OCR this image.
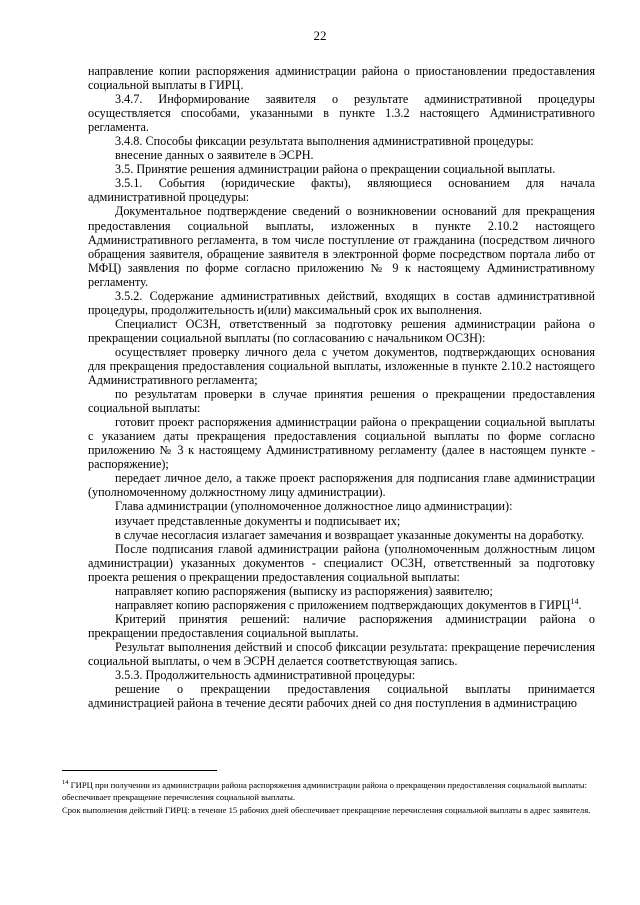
22

направление копии распоряжения администрации района о приостановлении предоставления социальной выплаты в ГИРЦ.

3.4.7. Информирование заявителя о результате административной процедуры осуществляется способами, указанными в пункте 1.3.2 настоящего Административного регламента.

3.4.8. Способы фиксации результата выполнения административной процедуры:

внесение данных о заявителе в ЭСРН.

3.5. Принятие решения администрации района о прекращении социальной выплаты.

3.5.1. События (юридические факты), являющиеся основанием для начала административной процедуры:

Документальное подтверждение сведений о возникновении оснований для прекращения предоставления социальной выплаты, изложенных в пункте 2.10.2 настоящего Административного регламента, в том числе поступление от гражданина (посредством личного обращения заявителя, обращение заявителя в электронной форме посредством портала либо от МФЦ) заявления по форме согласно приложению № 9 к настоящему Административному регламенту.

3.5.2. Содержание административных действий, входящих в состав административной процедуры, продолжительность и(или) максимальный срок их выполнения.

Специалист ОСЗН, ответственный за подготовку решения администрации района о прекращении социальной выплаты (по согласованию с начальником ОСЗН):

осуществляет проверку личного дела с учетом документов, подтверждающих основания для прекращения предоставления социальной выплаты, изложенные в пункте 2.10.2 настоящего Административного регламента;

по результатам проверки в случае принятия решения о прекращении предоставления социальной выплаты:

готовит проект распоряжения администрации района о прекращении социальной выплаты с указанием даты прекращения предоставления социальной выплаты по форме согласно приложению № 3 к настоящему Административному регламенту (далее в настоящем пункте - распоряжение);

передает личное дело, а также проект распоряжения для подписания главе администрации (уполномоченному должностному лицу администрации).

Глава администрации (уполномоченное должностное лицо администрации):

изучает представленные документы и подписывает их;

в случае несогласия излагает замечания и возвращает указанные документы на доработку.

После подписания главой администрации района (уполномоченным должностным лицом администрации) указанных документов - специалист ОСЗН, ответственный за подготовку проекта решения о прекращении предоставления социальной выплаты:

направляет копию распоряжения (выписку из распоряжения) заявителю;

направляет копию распоряжения с приложением подтверждающих документов в ГИРЦ$^{14}$.

Критерий принятия решений: наличие распоряжения администрации района о прекращении предоставления социальной выплаты.

Результат выполнения действий и способ фиксации результата: прекращение перечисления социальной выплаты, о чем в ЭСРН делается соответствующая запись.

3.5.3. Продолжительность административной процедуры:

решение о прекращении предоставления социальной выплаты принимается администрацией района в течение десяти рабочих дней со дня поступления в администрацию

$^{14}$ ГИРЦ при получении из администрации района распоряжения администрации района о прекращении предоставления социальной выплаты:

обеспечивает прекращение перечисления социальной выплаты.

Срок выполнения действий ГИРЦ: в течение 15 рабочих дней обеспечивает прекращение перечисления социальной выплаты в адрес заявителя.
